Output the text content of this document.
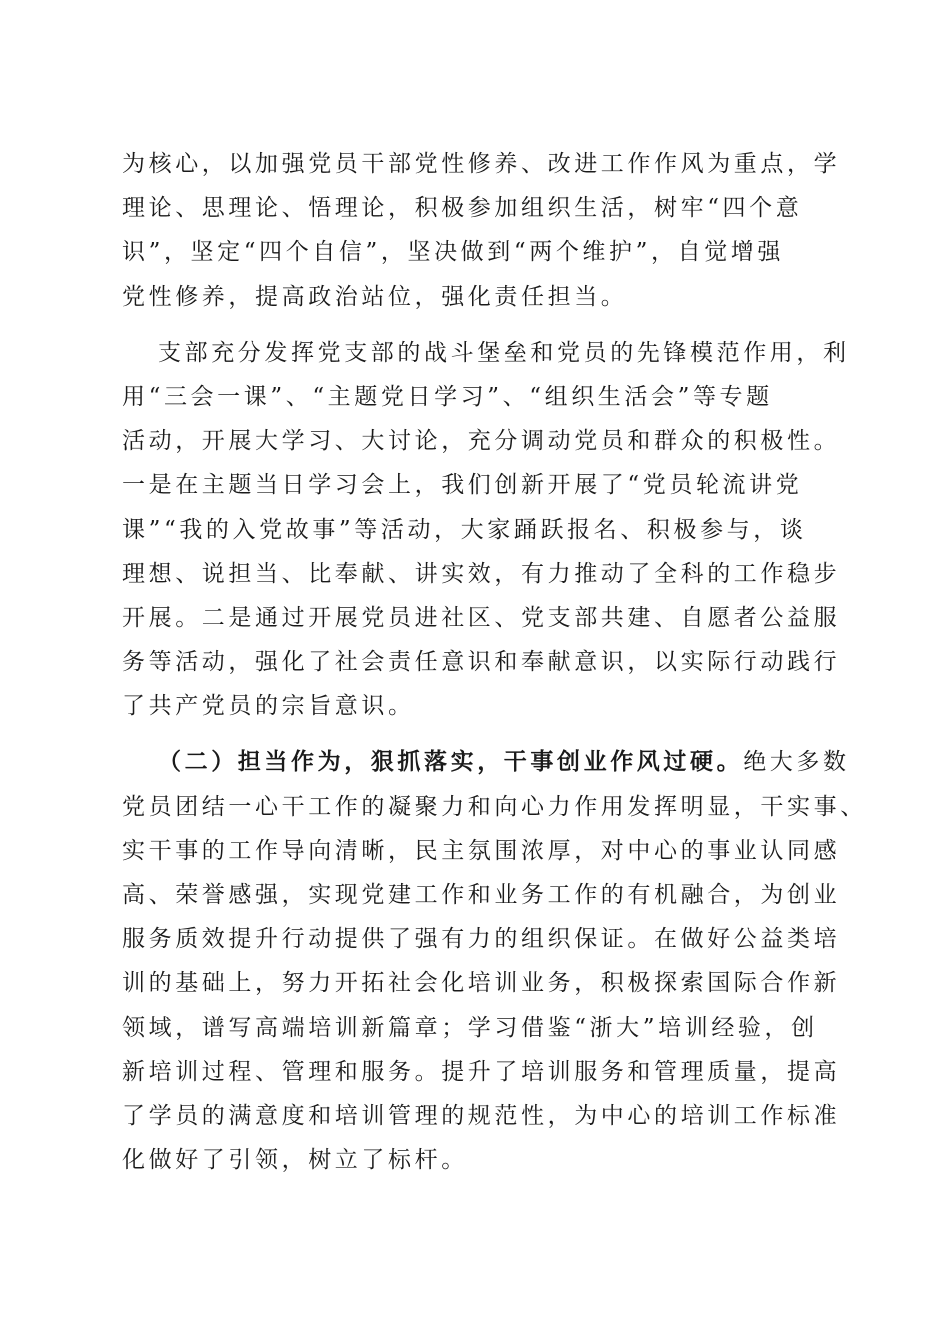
为核心，以加强党员干部党性修养、改进工作作风为重点，学
理论、思理论、悟理论，积极参加组织生活，树牢“四个意
识”，坚定“四个自信”，坚决做到“两个维护”，自觉增强
党性修养，提高政治站位，强化责任担当。
支部充分发挥党支部的战斗堡垒和党员的先锋模范作用，利
用“三会一课”、“主题党日学习”、“组织生活会”等专题
活动，开展大学习、大讨论，充分调动党员和群众的积极性。
一是在主题当日学习会上，我们创新开展了“党员轮流讲党
课”“我的入党故事”等活动，大家踊跃报名、积极参与，谈
理想、说担当、比奉献、讲实效，有力推动了全科的工作稳步
开展。二是通过开展党员进社区、党支部共建、自愿者公益服
务等活动，强化了社会责任意识和奉献意识，以实际行动践行
了共产党员的宗旨意识。
（二）担当作为，狠抓落实，干事创业作风过硬。绝大多数
党员团结一心干工作的凝聚力和向心力作用发挥明显，干实事、
实干事的工作导向清晰，民主氛围浓厚，对中心的事业认同感
高、荣誉感强，实现党建工作和业务工作的有机融合，为创业
服务质效提升行动提供了强有力的组织保证。在做好公益类培
训的基础上，努力开拓社会化培训业务，积极探索国际合作新
领域，谱写高端培训新篇章；学习借鉴“浙大”培训经验，创
新培训过程、管理和服务。提升了培训服务和管理质量，提高
了学员的满意度和培训管理的规范性，为中心的培训工作标准
化做好了引领，树立了标杆。
